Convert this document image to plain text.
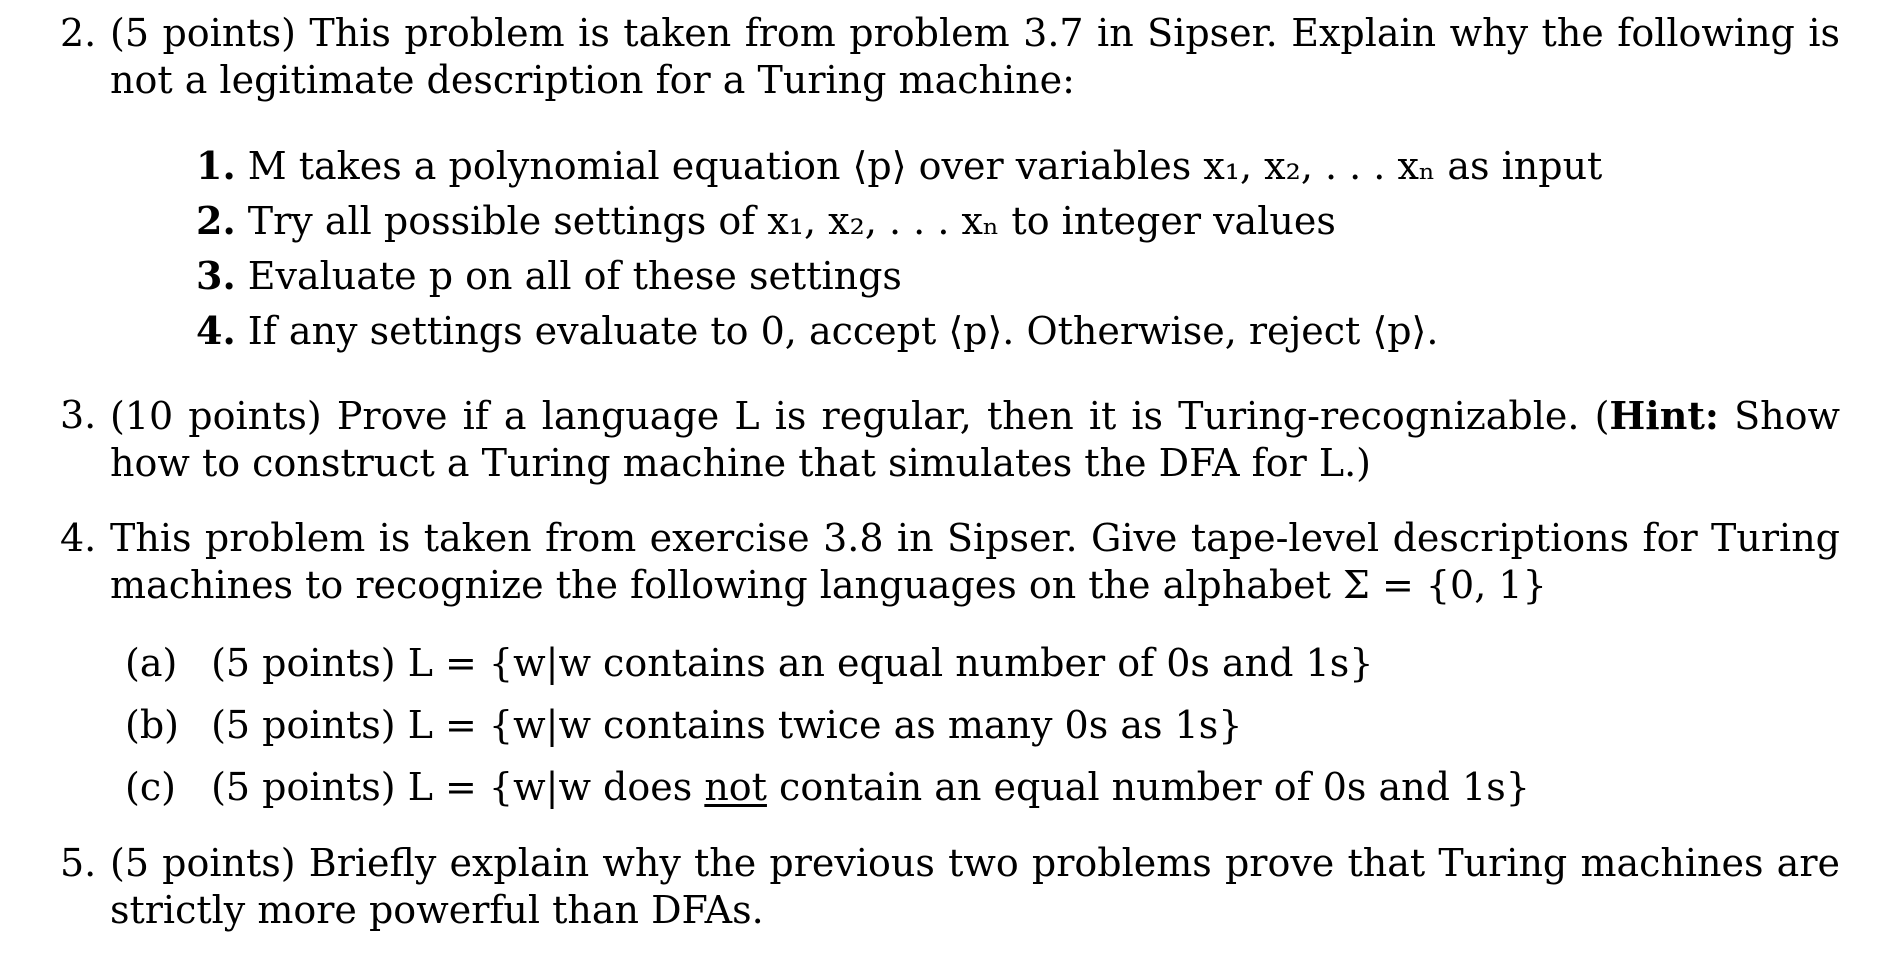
2. (5 points) This problem is taken from problem 3.7 in Sipser. Explain why the following is not a legitimate description for a Turing machine:
1. M takes a polynomial equation ⟨p⟩ over variables x₁, x₂, . . . xₙ as input
2. Try all possible settings of x₁, x₂, . . . xₙ to integer values
3. Evaluate p on all of these settings
4. If any settings evaluate to 0, accept ⟨p⟩. Otherwise, reject ⟨p⟩.
3. (10 points) Prove if a language L is regular, then it is Turing-recognizable. (Hint: Show how to construct a Turing machine that simulates the DFA for L.)
4. This problem is taken from exercise 3.8 in Sipser. Give tape-level descriptions for Turing machines to recognize the following languages on the alphabet Σ = {0, 1}
(a) (5 points) L = {w|w contains an equal number of 0s and 1s}
(b) (5 points) L = {w|w contains twice as many 0s as 1s}
(c) (5 points) L = {w|w does not contain an equal number of 0s and 1s}
5. (5 points) Briefly explain why the previous two problems prove that Turing machines are strictly more powerful than DFAs.
